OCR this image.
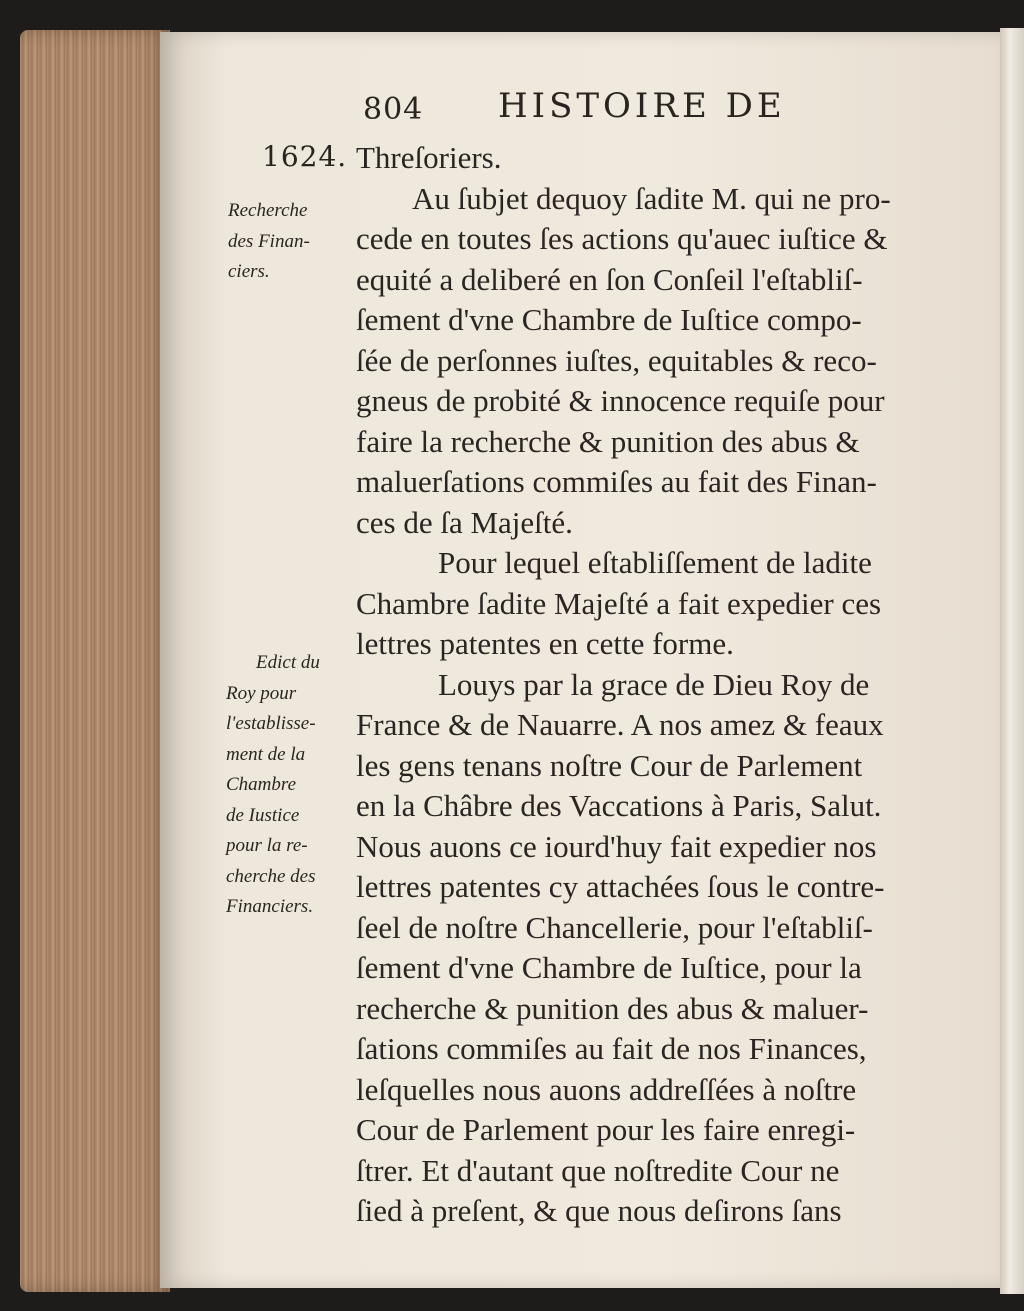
804 HISTOIRE DE
1624.
Recherche
des Finan-
ciers.
Edict du
Roy pour
l'establisse-
ment de la
Chambre
de Iustice
pour la re-
cherche des
Financiers.
Threſoriers.
Au ſubjet dequoy ſadite M. qui ne pro-
cede en toutes ſes actions qu'auec iuſtice &
equité a deliberé en ſon Conſeil l'eſtabliſ-
ſement d'vne Chambre de Iuſtice compo-
ſée de perſonnes iuſtes, equitables & reco-
gneus de probité & innocence requiſe pour
faire la recherche & punition des abus &
maluerſations commiſes au fait des Finan-
ces de ſa Majeſté.
Pour lequel eſtabliſſement de ladite
Chambre ſadite Majeſté a fait expedier ces
lettres patentes en cette forme.
Louys par la grace de Dieu Roy de
France & de Nauarre. A nos amez & feaux
les gens tenans noſtre Cour de Parlement
en la Châbre des Vaccations à Paris, Salut.
Nous auons ce iourd'huy fait expedier nos
lettres patentes cy attachées ſous le contre-
ſeel de noſtre Chancellerie, pour l'eſtabliſ-
ſement d'vne Chambre de Iuſtice, pour la
recherche & punition des abus & maluer-
ſations commiſes au fait de nos Finances,
leſquelles nous auons addreſſées à noſtre
Cour de Parlement pour les faire enregi-
ſtrer. Et d'autant que noſtredite Cour ne
ſied à preſent, & que nous deſirons ſans
